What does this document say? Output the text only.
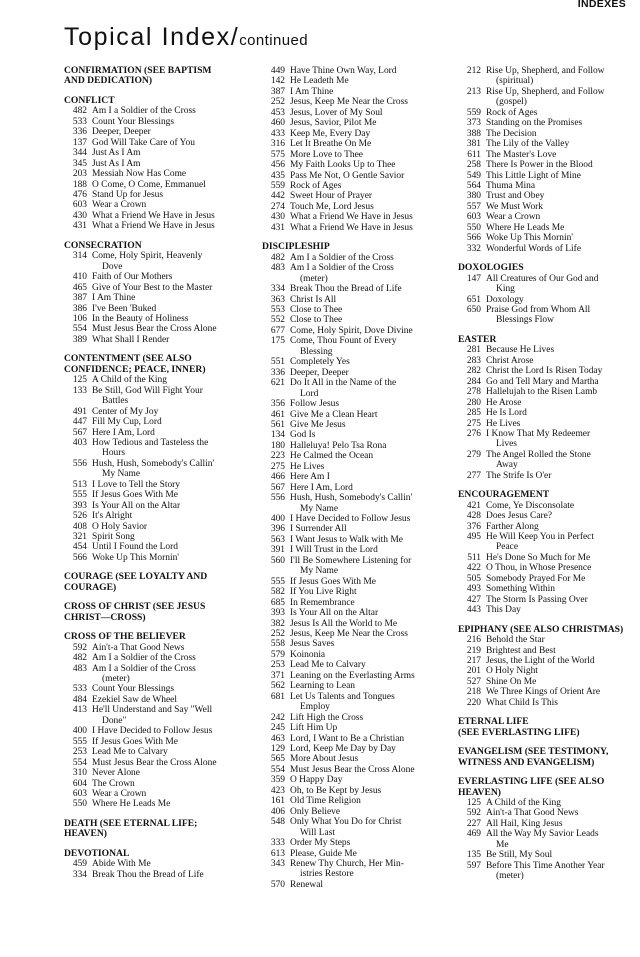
INDEXES
Topical Index/continued
CONFIRMATION (SEE BAPTISM
AND DEDICATION)
CONFLICT
482 Am I a Soldier of the Cross
533 Count Your Blessings
336 Deeper, Deeper
137 God Will Take Care of You
344 Just As I Am
345 Just As I Am
203 Messiah Now Has Come
188 O Come, O Come, Emmanuel
476 Stand Up for Jesus
603 Wear a Crown
430 What a Friend We Have in Jesus
431 What a Friend We Have in Jesus
CONSECRATION
314 Come, Holy Spirit, Heavenly
Dove
410 Faith of Our Mothers
465 Give of Your Best to the Master
387 I Am Thine
386 I've Been 'Buked
106 In the Beauty of Holiness
554 Must Jesus Bear the Cross Alone
389 What Shall I Render
CONTENTMENT (SEE ALSO
CONFIDENCE; PEACE, INNER)
125 A Child of the King
133 Be Still, God Will Fight Your
Battles
491 Center of My Joy
447 Fill My Cup, Lord
567 Here I Am, Lord
403 How Tedious and Tasteless the
Hours
556 Hush, Hush, Somebody's Callin'
My Name
513 I Love to Tell the Story
555 If Jesus Goes With Me
393 Is Your All on the Altar
526 It's Alright
408 O Holy Savior
321 Spirit Song
454 Until I Found the Lord
566 Woke Up This Mornin'
COURAGE (SEE LOYALTY AND
COURAGE)
CROSS OF CHRIST (SEE JESUS
CHRIST—CROSS)
CROSS OF THE BELIEVER
592 Ain't-a That Good News
482 Am I a Soldier of the Cross
483 Am I a Soldier of the Cross
(meter)
533 Count Your Blessings
484 Ezekiel Saw de Wheel
413 He'll Understand and Say "Well
Done"
400 I Have Decided to Follow Jesus
555 If Jesus Goes With Me
253 Lead Me to Calvary
554 Must Jesus Bear the Cross Alone
310 Never Alone
604 The Crown
603 Wear a Crown
550 Where He Leads Me
DEATH (SEE ETERNAL LIFE;
HEAVEN)
DEVOTIONAL
459 Abide With Me
334 Break Thou the Bread of Life
449 Have Thine Own Way, Lord
142 He Leadeth Me
387 I Am Thine
252 Jesus, Keep Me Near the Cross
453 Jesus, Lover of My Soul
460 Jesus, Savior, Pilot Me
433 Keep Me, Every Day
316 Let It Breathe On Me
575 More Love to Thee
456 My Faith Looks Up to Thee
435 Pass Me Not, O Gentle Savior
559 Rock of Ages
442 Sweet Hour of Prayer
274 Touch Me, Lord Jesus
430 What a Friend We Have in Jesus
431 What a Friend We Have in Jesus
DISCIPLESHIP
482 Am I a Soldier of the Cross
483 Am I a Soldier of the Cross
(meter)
334 Break Thou the Bread of Life
363 Christ Is All
553 Close to Thee
552 Close to Thee
677 Come, Holy Spirit, Dove Divine
175 Come, Thou Fount of Every
Blessing
551 Completely Yes
336 Deeper, Deeper
621 Do It All in the Name of the
Lord
356 Follow Jesus
461 Give Me a Clean Heart
561 Give Me Jesus
134 God Is
180 Halleluya! Pelo Tsa Rona
223 He Calmed the Ocean
275 He Lives
466 Here Am I
567 Here I Am, Lord
556 Hush, Hush, Somebody's Callin'
My Name
400 I Have Decided to Follow Jesus
396 I Surrender All
563 I Want Jesus to Walk with Me
391 I Will Trust in the Lord
560 I'll Be Somewhere Listening for
My Name
555 If Jesus Goes With Me
582 If You Live Right
685 In Remembrance
393 Is Your All on the Altar
382 Jesus Is All the World to Me
252 Jesus, Keep Me Near the Cross
558 Jesus Saves
579 Koinonia
253 Lead Me to Calvary
371 Leaning on the Everlasting Arms
562 Learning to Lean
681 Let Us Talents and Tongues
Employ
242 Lift High the Cross
245 Lift Him Up
463 Lord, I Want to Be a Christian
129 Lord, Keep Me Day by Day
565 More About Jesus
554 Must Jesus Bear the Cross Alone
359 O Happy Day
423 Oh, to Be Kept by Jesus
161 Old Time Religion
406 Only Believe
548 Only What You Do for Christ
Will Last
333 Order My Steps
613 Please, Guide Me
343 Renew Thy Church, Her Min-
istries Restore
570 Renewal
212 Rise Up, Shepherd, and Follow
(spiritual)
213 Rise Up, Shepherd, and Follow
(gospel)
559 Rock of Ages
373 Standing on the Promises
388 The Decision
381 The Lily of the Valley
611 The Master's Love
258 There Is Power in the Blood
549 This Little Light of Mine
564 Thuma Mina
380 Trust and Obey
557 We Must Work
603 Wear a Crown
550 Where He Leads Me
566 Woke Up This Mornin'
332 Wonderful Words of Life
DOXOLOGIES
147 All Creatures of Our God and
King
651 Doxology
650 Praise God from Whom All
Blessings Flow
EASTER
281 Because He Lives
283 Christ Arose
282 Christ the Lord Is Risen Today
284 Go and Tell Mary and Martha
278 Hallelujah to the Risen Lamb
280 He Arose
285 He Is Lord
275 He Lives
276 I Know That My Redeemer
Lives
279 The Angel Rolled the Stone
Away
277 The Strife Is O'er
ENCOURAGEMENT
421 Come, Ye Disconsolate
428 Does Jesus Care?
376 Farther Along
495 He Will Keep You in Perfect
Peace
511 He's Done So Much for Me
422 O Thou, in Whose Presence
505 Somebody Prayed For Me
493 Something Within
427 The Storm Is Passing Over
443 This Day
EPIPHANY (SEE ALSO CHRISTMAS)
216 Behold the Star
219 Brightest and Best
217 Jesus, the Light of the World
201 O Holy Night
527 Shine On Me
218 We Three Kings of Orient Are
220 What Child Is This
ETERNAL LIFE
(SEE EVERLASTING LIFE)
EVANGELISM (SEE TESTIMONY,
WITNESS AND EVANGELISM)
EVERLASTING LIFE (SEE ALSO
HEAVEN)
125 A Child of the King
592 Ain't-a That Good News
227 All Hail, King Jesus
469 All the Way My Savior Leads
Me
135 Be Still, My Soul
597 Before This Time Another Year
(meter)
